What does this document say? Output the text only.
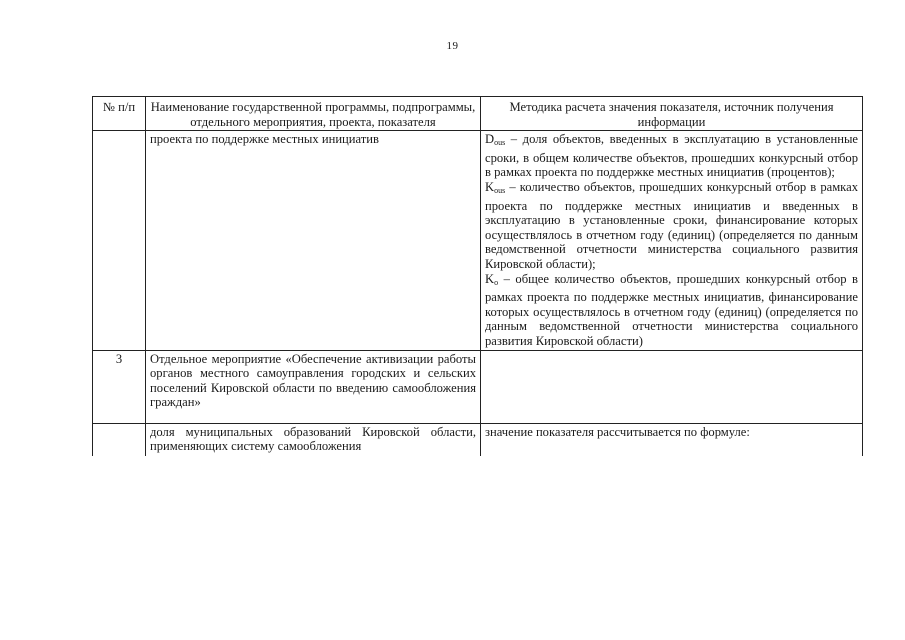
19
№ п/п	Наименование государственной программы, подпрограммы, отдельного мероприятия, проекта, показателя	Методика расчета значения показателя, источник получения информации
	проекта по поддержке местных инициатив	$D_{ous}$ – доля объектов, введенных в эксплуатацию в установленные сроки, в общем количестве объектов, прошедших конкурсный отбор в рамках проекта по поддержке местных инициатив (процентов);

$K_{ous}$ – количество объектов, прошедших конкурсный отбор в рамках проекта по поддержке местных инициатив и введенных в эксплуатацию в установленные сроки, финансирование которых осуществлялось в отчетном году (единиц) (определяется по данным ведомственной отчетности министерства социального развития Кировской области);

$K_o$ – общее количество объектов, прошедших конкурсный отбор в рамках проекта по поддержке местных инициатив, финансирование которых осуществлялось в отчетном году (единиц) (определяется по данным ведомственной отчетности министерства социального развития Кировской области)

3	Отдельное мероприятие «Обеспечение активизации работы органов местного самоуправления городских и сельских поселений Кировской области по введению самообложения граждан»	

	доля муниципальных образований Кировской области, применяющих систему самообложения	значение показателя рассчитывается по формуле:
